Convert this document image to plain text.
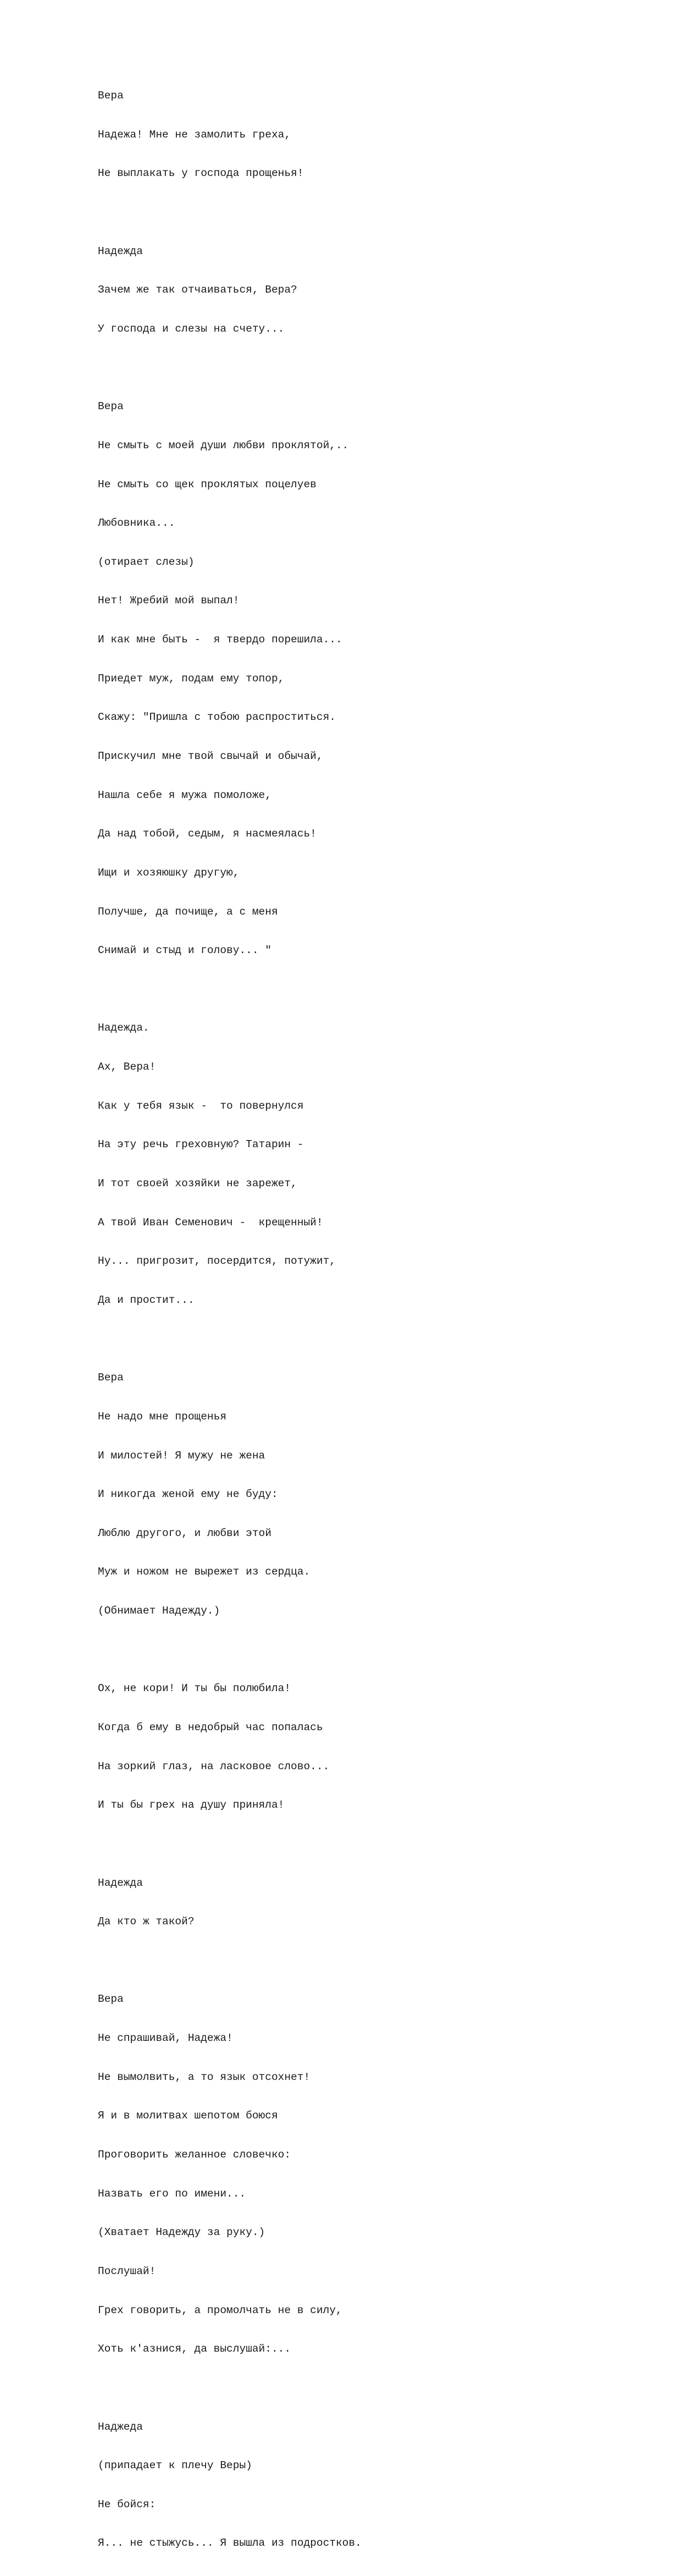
Вера

Надежа! Мне не замолить греха,

Не выплакать у господа прощенья!

Надежда

Зачем же так отчаиваться, Вера?

У господа и слезы на счету...

Вера

Не смыть с моей души любви проклятой,..

Не смыть со щек проклятых поцелуев

Любовника...

(отирает слезы)

Нет! Жребий мой выпал!

И как мне быть -  я твердо порешила...

Приедет муж, подам ему топор,

Скажу: "Пришла с тобою распроститься.

Прискучил мне твой свычай и обычай,

Нашла себе я мужа помоложе,

Да над тобой, седым, я насмеялась!

Ищи и хозяюшку другую,

Получше, да почище, а с меня

Снимай и стыд и голову... "

Надежда.

Ах, Вера!

Как у тебя язык -  то повернулся

На эту речь греховную? Татарин -

И тот своей хозяйки не зарежет,

А твой Иван Семенович -  крещенный!

Ну... пригрозит, посердится, потужит,

Да и простит...

Вера

Не надо мне прощенья

И милостей! Я мужу не жена

И никогда женой ему не буду:

Люблю другого, и любви этой

Муж и ножом не вырежет из сердца.

(Обнимает Надежду.)

Ох, не кори! И ты бы полюбила!

Когда б ему в недобрый час попалась

На зоркий глаз, на ласковое слово...

И ты бы грех на душу приняла!

Надежда

Да кто ж такой?

Вера

Не спрашивай, Надежа!

Не вымолвить, а то язык отсохнет!

Я и в молитвах шепотом боюся

Проговорить желанное словечко:

Назвать его по имени...

(Хватает Надежду за руку.)

Послушай!

Грех говорить, а промолчать не в силу,

Хоть к'азнися, да выслушай:...

Наджеда

(припадает к плечу Веры)

Не бойся:

Я... не стыжусь... Я вышла из подростков.
